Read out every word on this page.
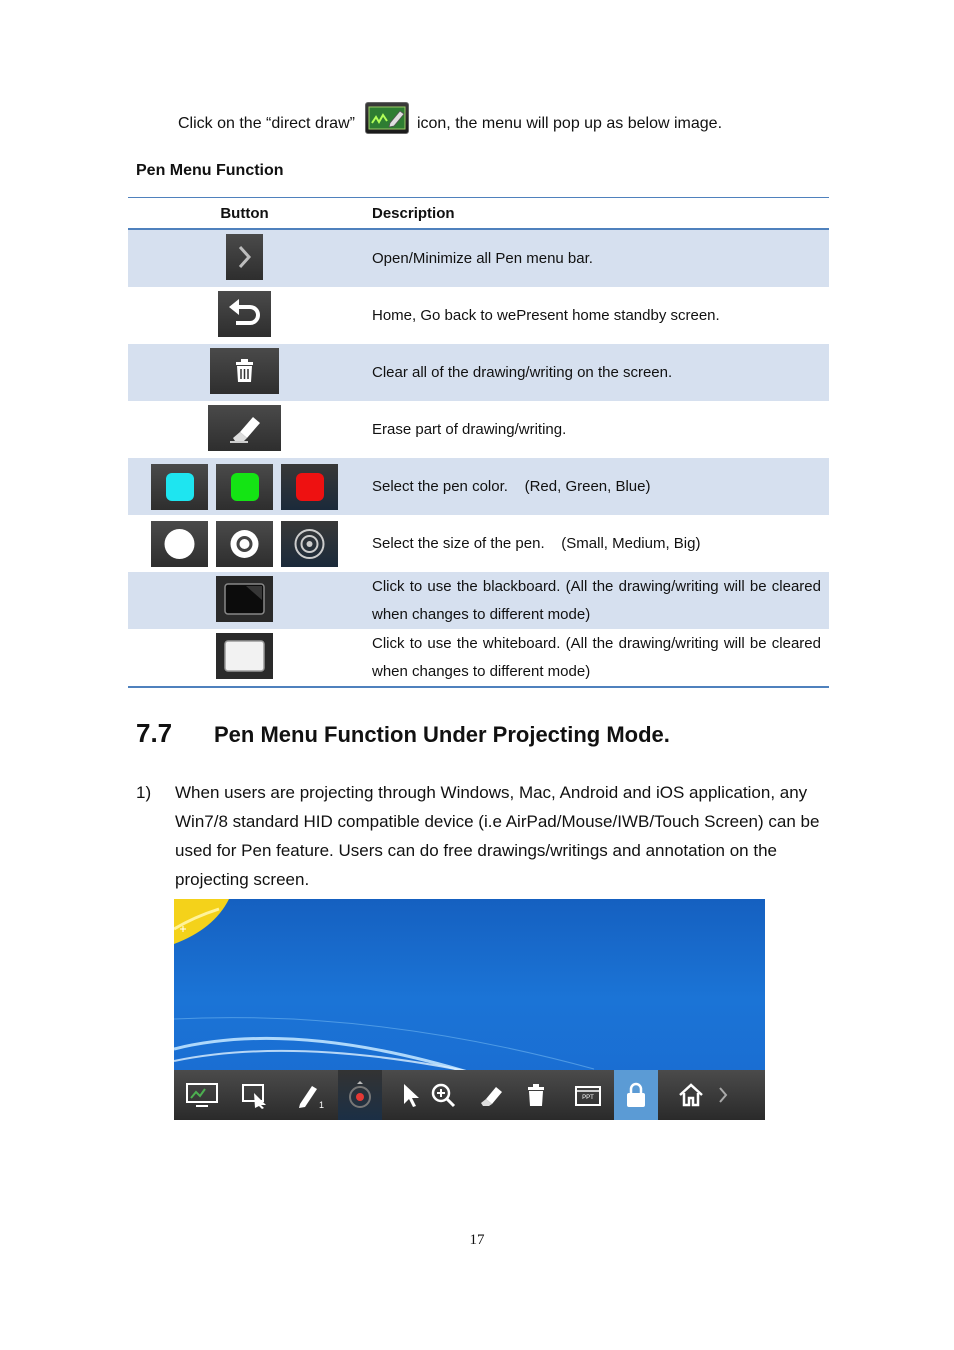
Click on the “direct draw”	icon, the menu will pop up as below image.
Pen Menu Function
Button	Description

	Open/Minimize all Pen menu bar.

	Home, Go back to wePresent home standby screen.

	Clear all of the drawing/writing on the screen.

	Erase part of drawing/writing.

	Select the pen color.    (Red, Green, Blue)

	Select the size of the pen.    (Small, Medium, Big)

	Click to use the blackboard. (All the drawing/writing will be cleared when changes to different mode)

	Click to use the whiteboard. (All the drawing/writing will be cleared when changes to different mode)
7.7	Pen Menu Function Under Projecting Mode.
1)	When users are projecting through Windows, Mac, Android and iOS application, any Win7/8 standard HID compatible device (i.e AirPad/Mouse/IWB/Touch Screen) can be used for Pen feature. Users can do free drawings/writings and annotation on the projecting screen.
1
PPT
17
